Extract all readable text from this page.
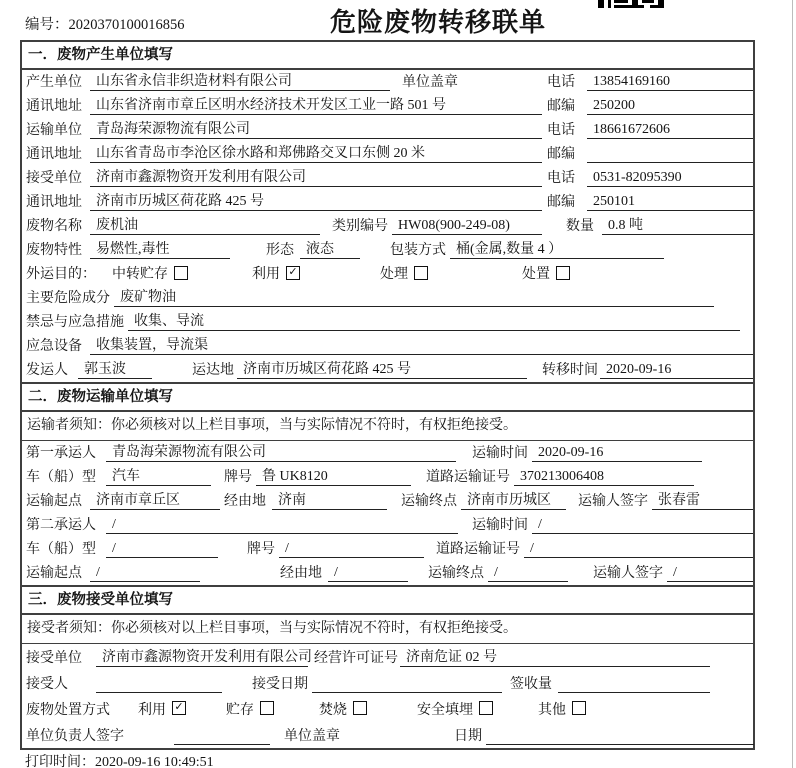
编号：2020370100016856	危险废物转移联单
一．废物产生单位填写
产生单位	山东省永信非织造材料有限公司	单位盖章	电话	13854169160
通讯地址	山东省济南市章丘区明水经济技术开发区工业一路 501 号	邮编	250200
运输单位	青岛海荣源物流有限公司	电话	18661672606
通讯地址	山东省青岛市李沧区徐水路和郑佛路交叉口东侧 20 米	邮编
接受单位	济南市鑫源物资开发利用有限公司	电话	0531-82095390
通讯地址	济南市历城区荷花路 425 号	邮编	250101
废物名称	废机油	类别编号 HW08(900-249-08)	数量	0.8 吨
废物特性	易燃性,毒性	形态 液态	包装方式 桶(金属,数量 4 ）
外运目的：	中转贮存	利用 ✓	处理	处置
主要危险成分 废矿物油
禁忌与应急措施 收集、导流
应急设备	收集装置，导流渠
发运人	郭玉波	运达地 济南市历城区荷花路 425 号	转移时间 2020-09-16
二．废物运输单位填写
运输者须知：你必须核对以上栏目事项，当与实际情况不符时，有权拒绝接受。
第一承运人	青岛海荣源物流有限公司	运输时间 2020-09-16
车（船）型	汽车	牌号 鲁 UK8120	道路运输证号 370213006408
运输起点	济南市章丘区	经由地 济南	运输终点 济南市历城区	运输人签字 张春雷
第二承运人	/	运输时间 /
车（船）型	/	牌号 /	道路运输证号 /
运输起点	/	经由地 /	运输终点 /	运输人签字 /
三．废物接受单位填写
接受者须知：你必须核对以上栏目事项，当与实际情况不符时，有权拒绝接受。
接受单位	济南市鑫源物资开发利用有限公司 经营许可证号 济南危证 02 号
接受人	接受日期	签收量
废物处置方式 利用 ✓	贮存	焚烧	安全填埋	其他
单位负责人签字	单位盖章	日期
打印时间：2020-09-16 10:49:51
